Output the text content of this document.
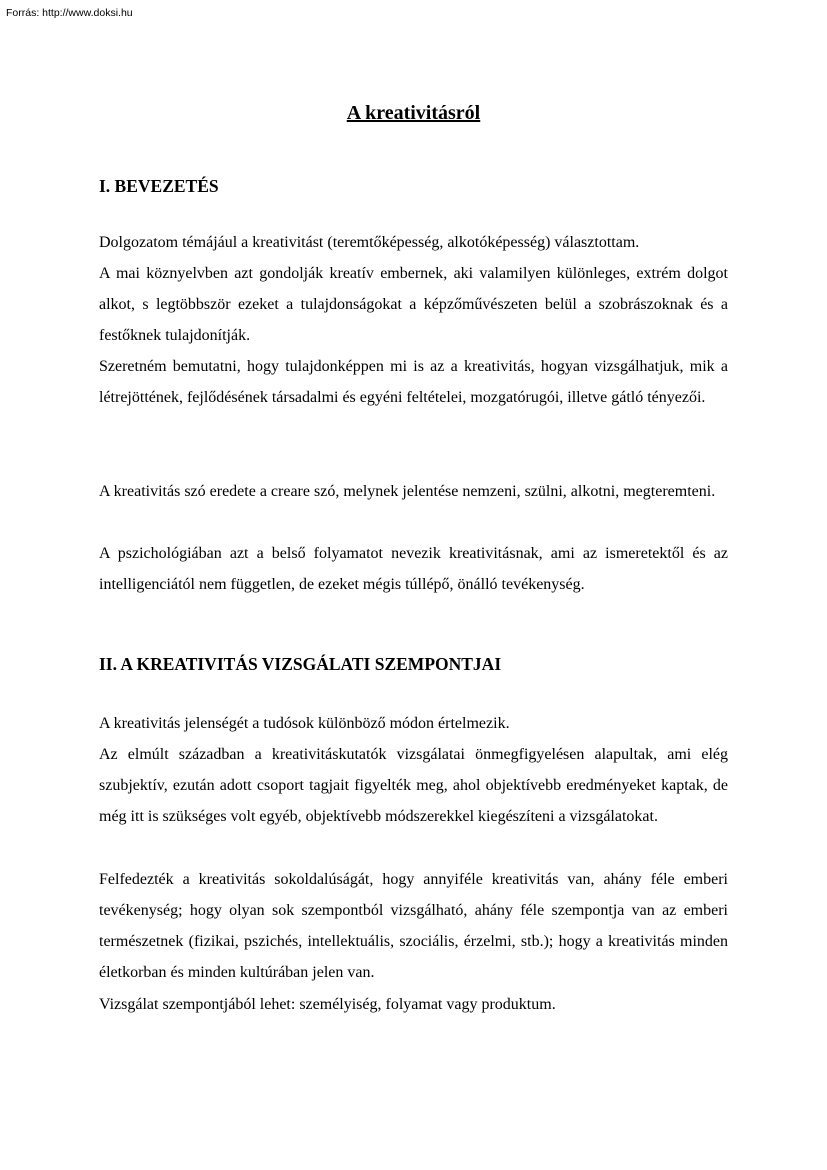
Forrás: http://www.doksi.hu
A kreativitásról
I. BEVEZETÉS

Dolgozatom témájául a kreativitást (teremtőképesség, alkotóképesség) választottam.

A mai köznyelvben azt gondolják kreatív embernek, aki valamilyen különleges, extrém dolgot alkot, s legtöbbször ezeket a tulajdonságokat a képzőművészeten belül a szobrászoknak és a festőknek tulajdonítják.

Szeretném bemutatni, hogy tulajdonképpen mi is az a kreativitás, hogyan vizsgálhatjuk, mik a létrejöttének, fejlődésének társadalmi és egyéni feltételei, mozgatórugói, illetve gátló tényezői.

A kreativitás szó eredete a creare szó, melynek jelentése nemzeni, szülni, alkotni, megteremteni.

A pszichológiában azt a belső folyamatot nevezik kreativitásnak, ami az ismeretektől és az intelligenciától nem független, de ezeket mégis túllépő, önálló tevékenység.

II. A KREATIVITÁS VIZSGÁLATI SZEMPONTJAI

A kreativitás jelenségét a tudósok különböző módon értelmezik.

Az elmúlt században a kreativitáskutatók vizsgálatai önmegfigyelésen alapultak, ami elég szubjektív, ezután adott csoport tagjait figyelték meg, ahol objektívebb eredményeket kaptak, de még itt is szükséges volt egyéb, objektívebb módszerekkel kiegészíteni a vizsgálatokat.

Felfedezték a kreativitás sokoldalúságát, hogy annyiféle kreativitás van, ahány féle emberi tevékenység; hogy olyan sok szempontból vizsgálható, ahány féle szempontja van az emberi természetnek (fizikai, pszichés, intellektuális, szociális, érzelmi, stb.); hogy a kreativitás minden életkorban és minden kultúrában jelen van.

Vizsgálat szempontjából lehet: személyiség, folyamat vagy produktum.
